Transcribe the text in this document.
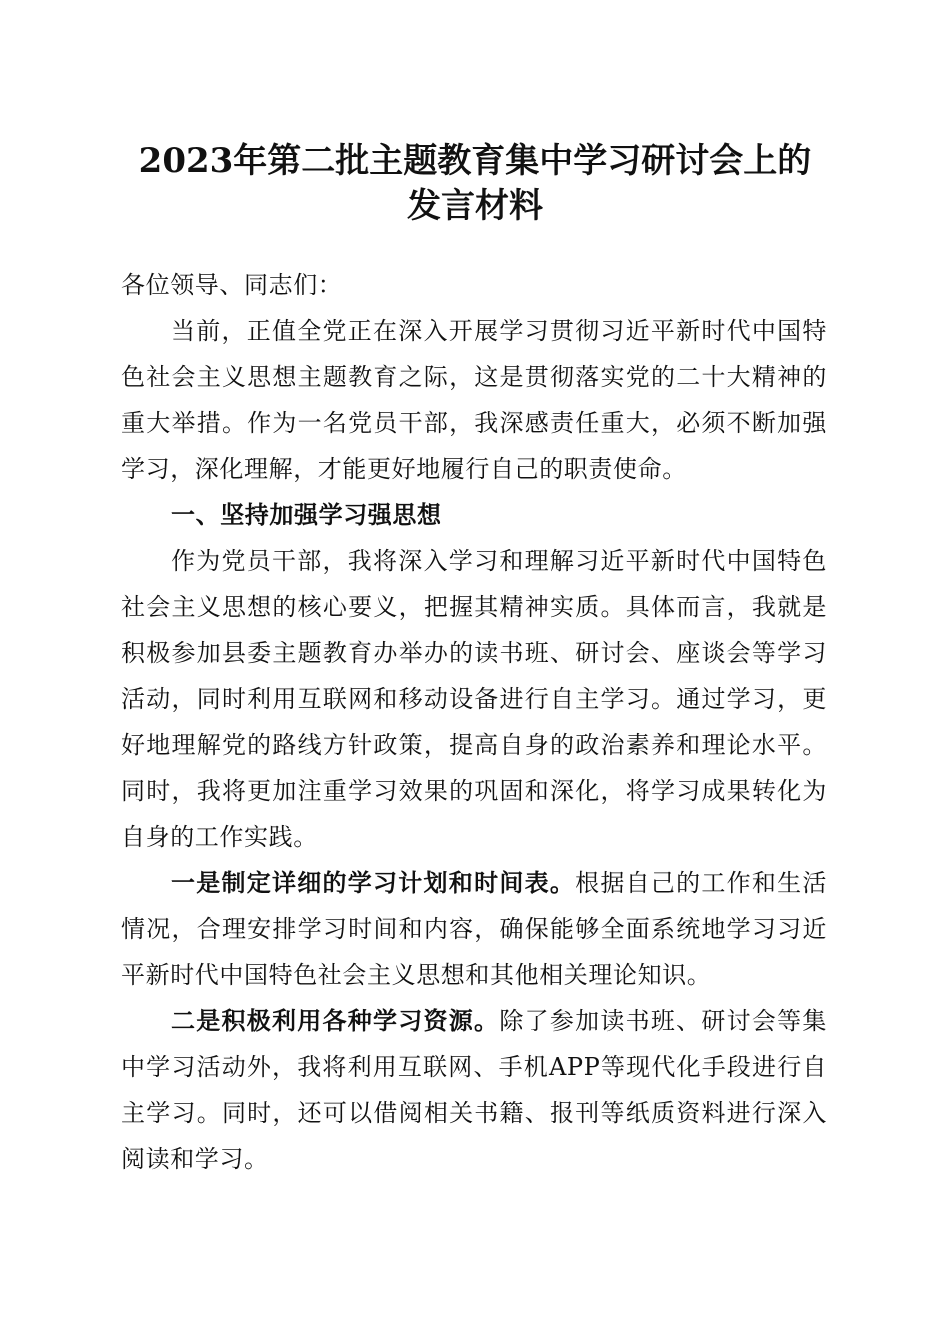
2023年第二批主题教育集中学习研讨会上的
发言材料

各位领导、同志们：

当前，正值全党正在深入开展学习贯彻习近平新时代中国特色社会主义思想主题教育之际，这是贯彻落实党的二十大精神的重大举措。作为一名党员干部，我深感责任重大，必须不断加强学习，深化理解，才能更好地履行自己的职责使命。

一、坚持加强学习强思想

作为党员干部，我将深入学习和理解习近平新时代中国特色社会主义思想的核心要义，把握其精神实质。具体而言，我就是积极参加县委主题教育办举办的读书班、研讨会、座谈会等学习活动，同时利用互联网和移动设备进行自主学习。通过学习，更好地理解党的路线方针政策，提高自身的政治素养和理论水平。同时，我将更加注重学习效果的巩固和深化，将学习成果转化为自身的工作实践。

一是制定详细的学习计划和时间表。根据自己的工作和生活情况，合理安排学习时间和内容，确保能够全面系统地学习习近平新时代中国特色社会主义思想和其他相关理论知识。

二是积极利用各种学习资源。除了参加读书班、研讨会等集中学习活动外，我将利用互联网、手机APP等现代化手段进行自主学习。同时，还可以借阅相关书籍、报刊等纸质资料进行深入阅读和学习。
